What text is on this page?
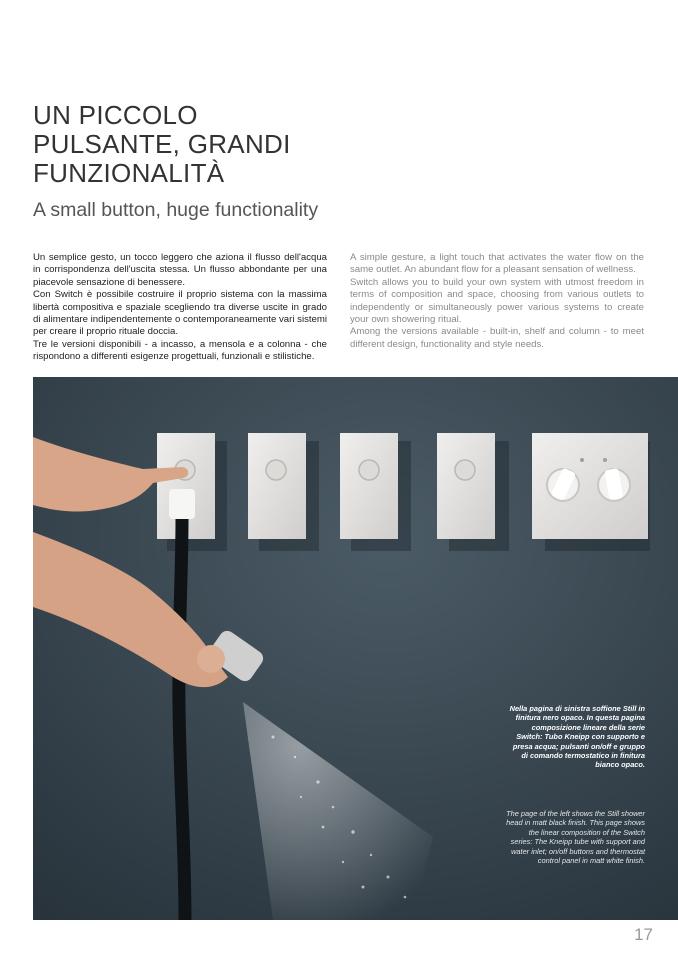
UN PICCOLO
PULSANTE, GRANDI
FUNZIONALITÀ
A small button, huge functionality

Un semplice gesto, un tocco leggero che aziona il flusso dell'acqua in corrispondenza dell'uscita stessa. Un flusso abbondante per una piacevole sensazione di benessere.

Con Switch è possibile costruire il proprio sistema con la massima libertà compositiva e spaziale scegliendo tra diverse uscite in grado di alimentare indipendentemente o contemporaneamente vari sistemi per creare il proprio rituale doccia.

Tre le versioni disponibili - a incasso, a mensola e a colonna - che rispondono a differenti esigenze progettuali, funzionali e stilistiche.

A simple gesture, a light touch that activates the water flow on the same outlet. An abundant flow for a pleasant sensation of wellness.

Switch allows you to build your own system with utmost freedom in terms of composition and space, choosing from various outlets to independently or simultaneously power various systems to create your own showering ritual.

Among the versions available - built-in, shelf and column - to meet different design, functionality and style needs.

Nella pagina di sinistra soffione Still in finitura nero opaco. In questa pagina composizione lineare della serie Switch: Tubo Kneipp con supporto e presa acqua; pulsanti on/off e gruppo di comando termostatico in finitura bianco opaco.
The page of the left shows the Still shower head in matt black finish. This page shows the linear composition of the Switch series: The Kneipp tube with support and water inlet; on/off buttons and thermostat control panel in matt white finish.
17
